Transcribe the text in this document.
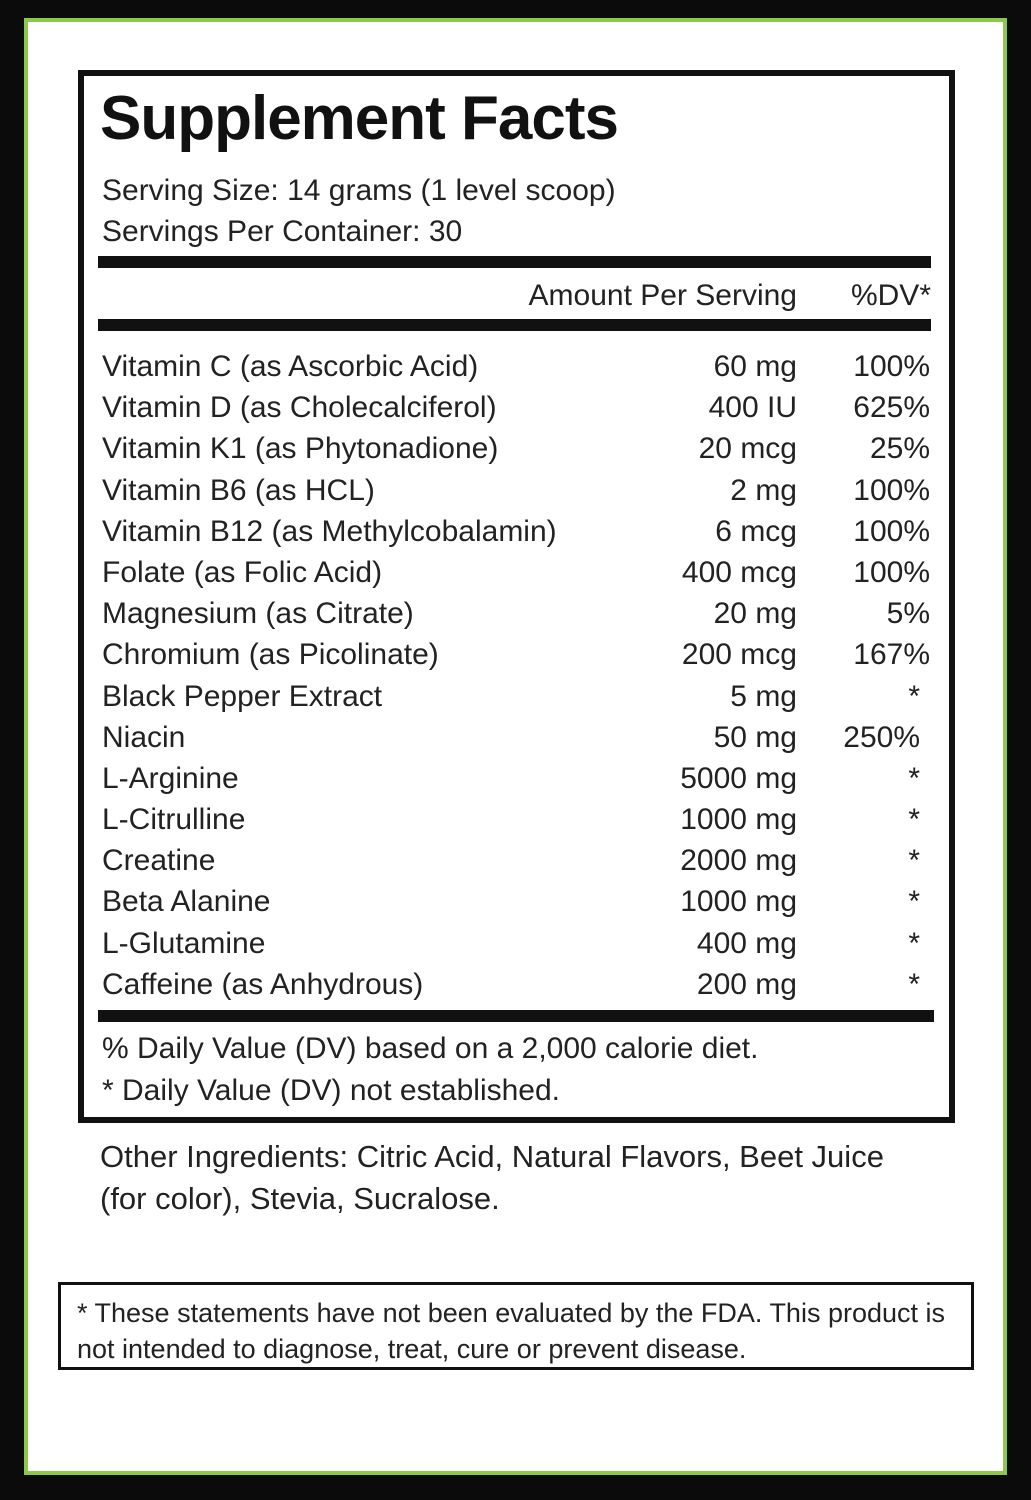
Supplement Facts
Serving Size: 14 grams (1 level scoop)
Servings Per Container: 30
Amount Per Serving %DV*
Vitamin C (as Ascorbic Acid)	60 mg 100%
Vitamin D (as Cholecalciferol)	400 IU 625%
Vitamin K1 (as Phytonadione)	20 mcg 25%
Vitamin B6 (as HCL)	2 mg 100%
Vitamin B12 (as Methylcobalamin)	6 mcg 100%
Folate (as Folic Acid)	400 mcg 100%
Magnesium (as Citrate)	20 mg	5%
Chromium (as Picolinate)	200 mcg 167%
Black Pepper Extract	5 mg	*
Niacin	50 mg 250%
L-Arginine	5000 mg	*
L-Citrulline	1000 mg	*
Creatine	2000 mg	*
Beta Alanine	1000 mg	*
L-Glutamine	400 mg	*
Caffeine (as Anhydrous)	200 mg	*
% Daily Value (DV) based on a 2,000 calorie diet.
* Daily Value (DV) not established.
Other Ingredients: Citric Acid, Natural Flavors, Beet Juice (for color), Stevia, Sucralose.
* These statements have not been evaluated by the FDA. This product is not intended to diagnose, treat, cure or prevent disease.
